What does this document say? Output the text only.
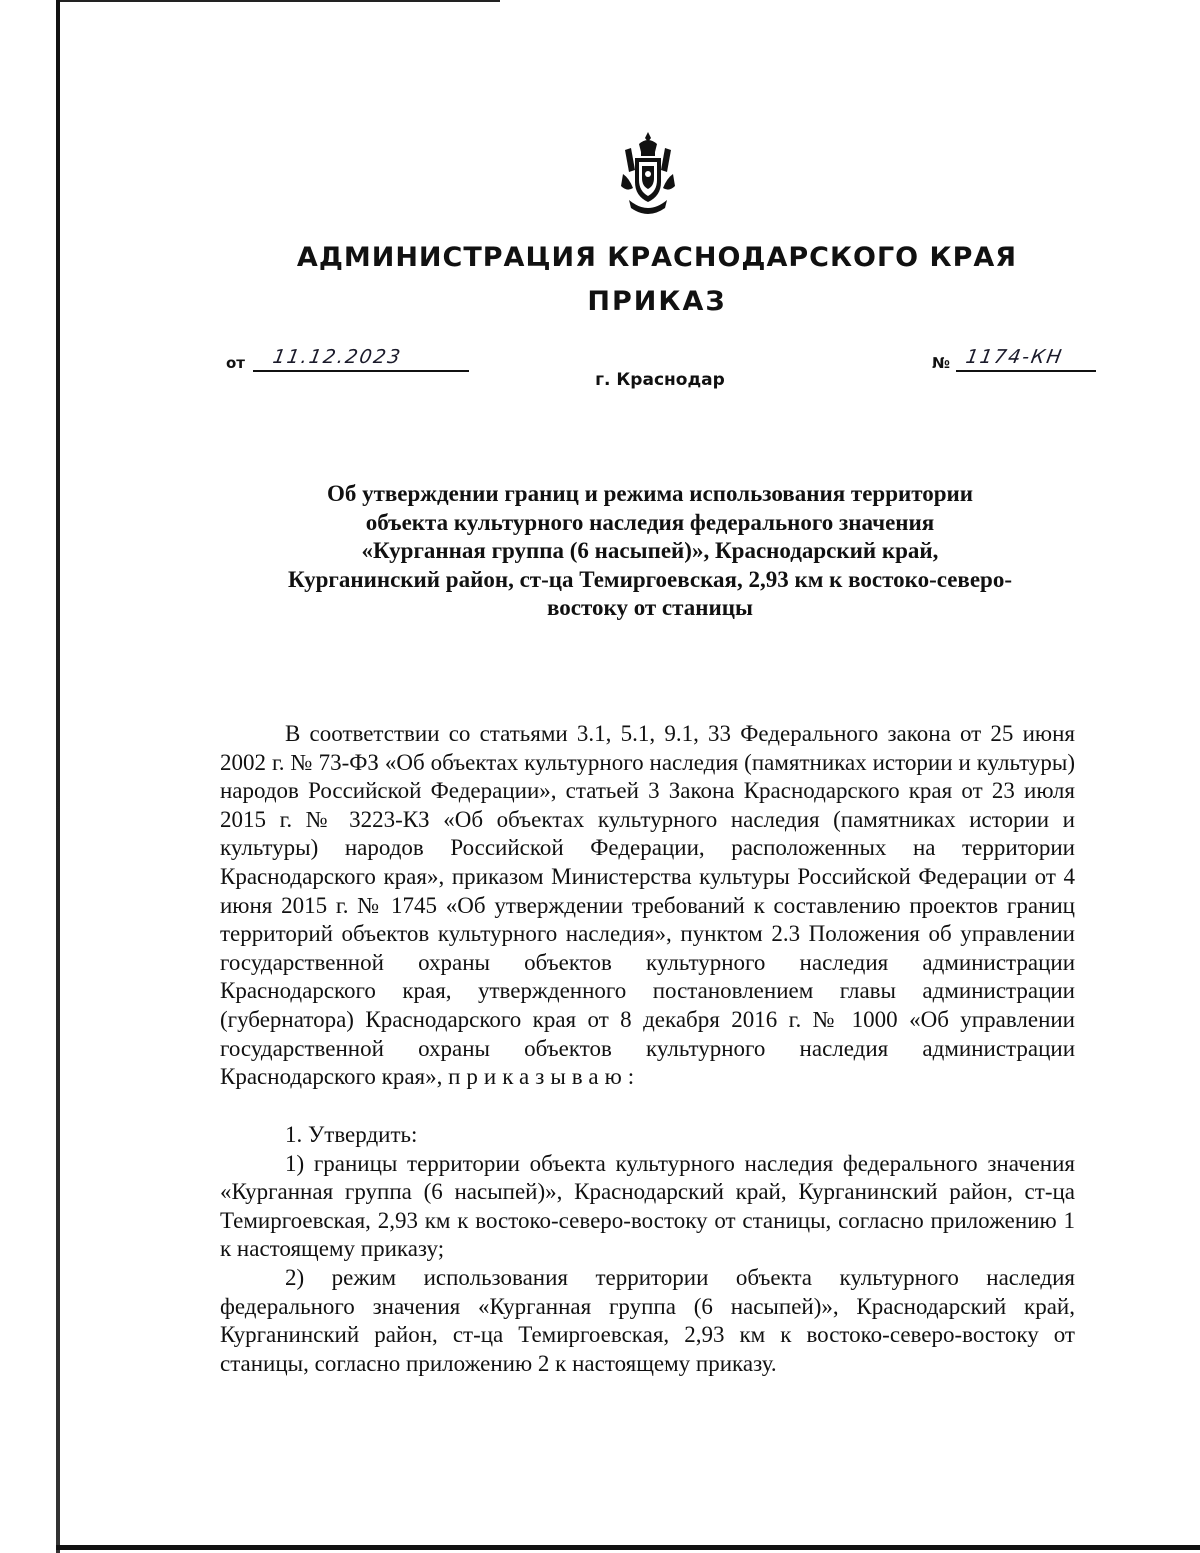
АДМИНИСТРАЦИЯ КРАСНОДАРСКОГО КРАЯ
ПРИКАЗ
от	11.12.2023	№ 1174-КН
г. Краснодар
Об утверждении границ и режима использования территории
объекта культурного наследия федерального значения
«Курганная группа (6 насыпей)», Краснодарский край,
Курганинский район, ст-ца Темиргоевская, 2,93 км к востоко-северо-
востоку от станицы

В соответствии со статьями 3.1, 5.1, 9.1, 33 Федерального закона от 25 июня 2002 г. № 73-ФЗ «Об объектах культурного наследия (памятниках истории и культуры) народов Российской Федерации», статьей 3 Закона Краснодарского края от 23 июля 2015 г. № 3223-КЗ «Об объектах культурного наследия (памятниках истории и культуры) народов Российской Федерации, расположенных на территории Краснодарского края», приказом Министерства культуры Российской Федерации от 4 июня 2015 г. № 1745 «Об утверждении требований к составлению проектов границ территорий объектов культурного наследия», пунктом 2.3 Положения об управлении государственной охраны объектов культурного наследия администрации Краснодарского края, утвержденного постановлением главы администрации (губернатора) Краснодарского края от 8 декабря 2016 г. № 1000 «Об управлении государственной охраны объектов культурного наследия администрации Краснодарского края», приказываю:

1. Утвердить:

1) границы территории объекта культурного наследия федерального значения «Курганная группа (6 насыпей)», Краснодарский край, Курганинский район, ст-ца Темиргоевская, 2,93 км к востоко-северо-востоку от станицы, согласно приложению 1 к настоящему приказу;

2) режим использования территории объекта культурного наследия федерального значения «Курганная группа (6 насыпей)», Краснодарский край, Курганинский район, ст-ца Темиргоевская, 2,93 км к востоко-северо-востоку от станицы, согласно приложению 2 к настоящему приказу.
